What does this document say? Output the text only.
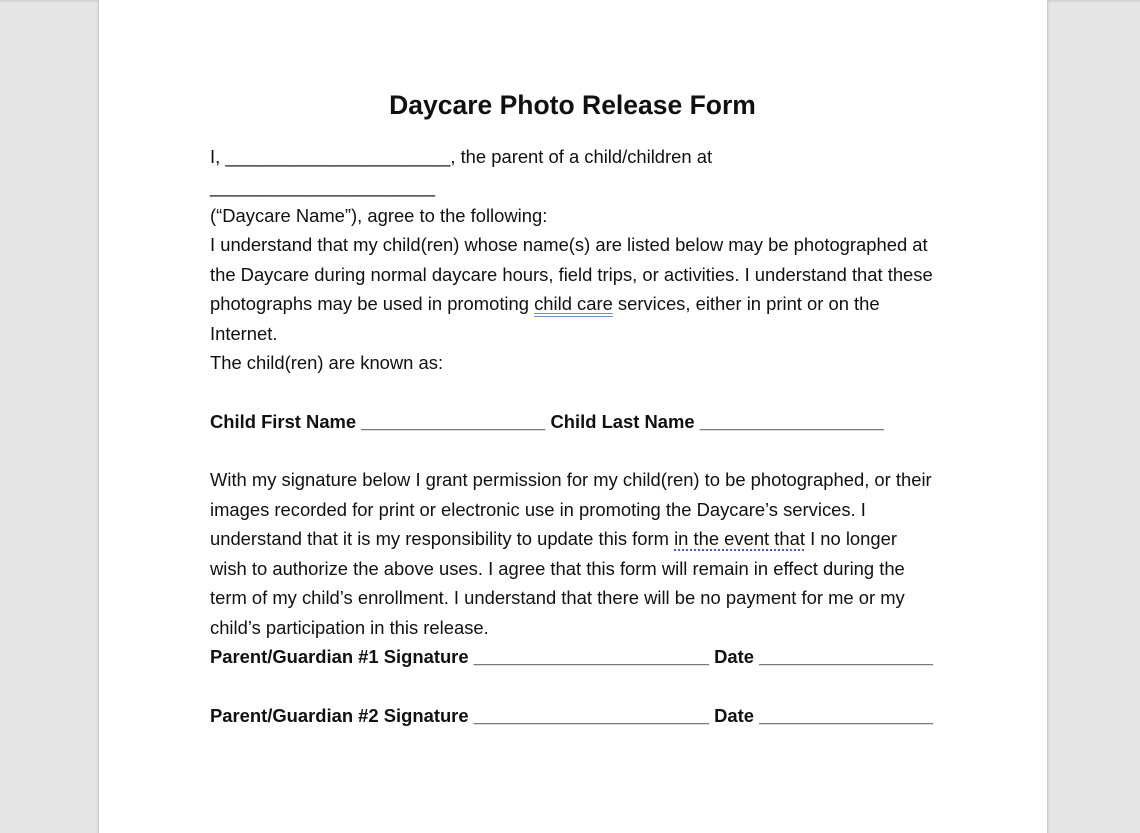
Daycare Photo Release Form

I, ______________________, the parent of a child/children at ______________________
(“Daycare Name”), agree to the following:

I understand that my child(ren) whose name(s) are listed below may be photographed at the Daycare during normal daycare hours, field trips, or activities. I understand that these photographs may be used in promoting child care services, either in print or on the Internet.

The child(ren) are known as:

Child First Name __________________ Child Last Name __________________

With my signature below I grant permission for my child(ren) to be photographed, or their images recorded for print or electronic use in promoting the Daycare’s services. I understand that it is my responsibility to update this form in the event that I no longer wish to authorize the above uses. I agree that this form will remain in effect during the term of my child’s enrollment. I understand that there will be no payment for me or my child’s participation in this release.

Parent/Guardian #1 Signature _______________________ Date _________________

Parent/Guardian #2 Signature _______________________ Date _________________
